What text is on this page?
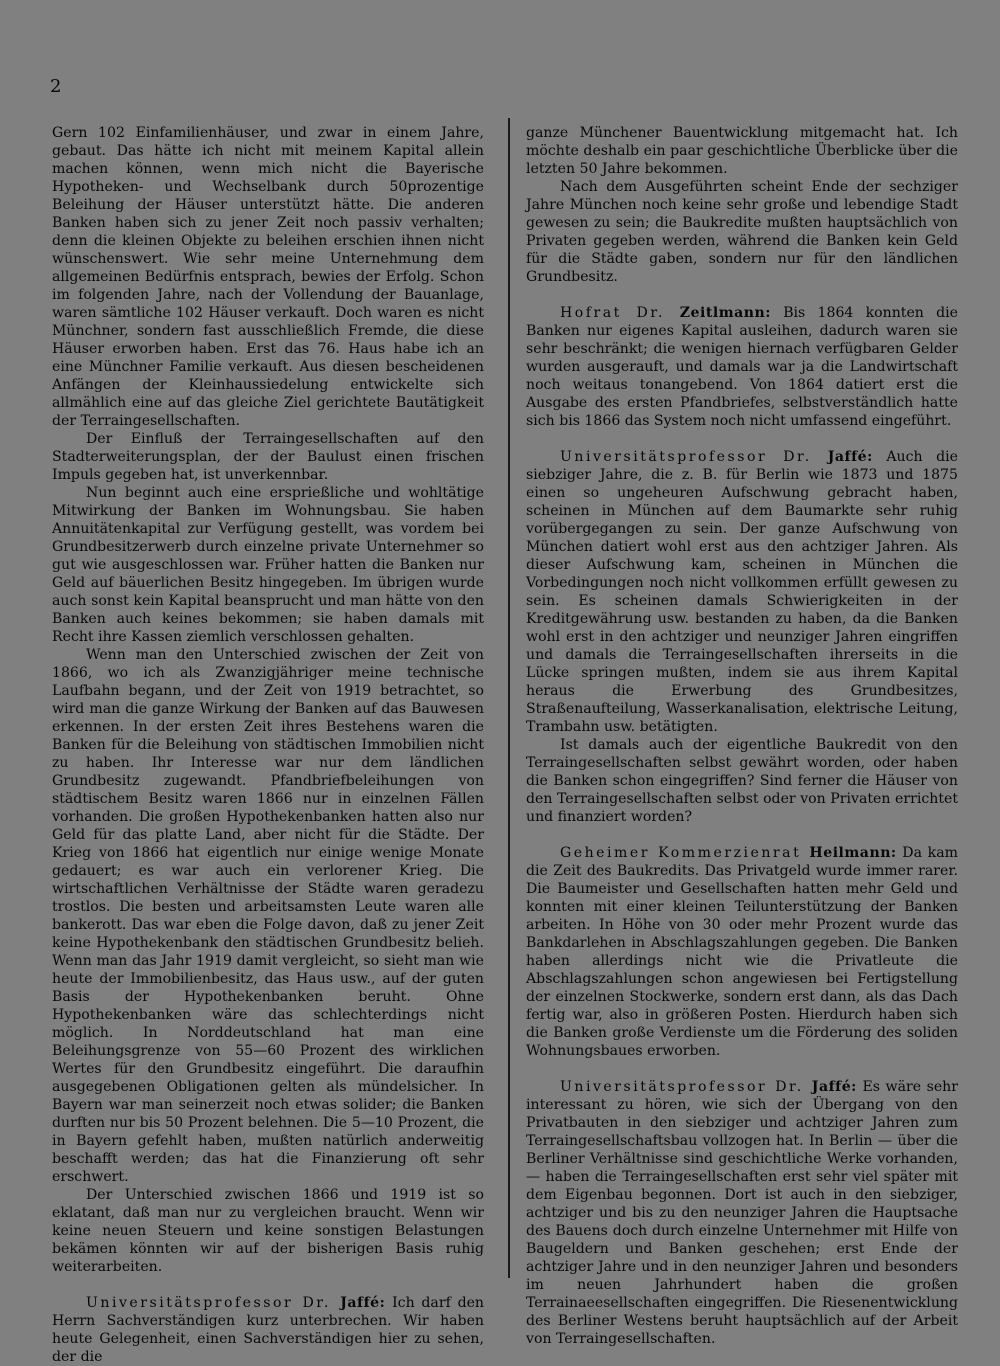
2

Gern 102 Einfamilienhäuser, und zwar in einem Jahre, gebaut. Das hätte ich nicht mit meinem Kapital allein machen können, wenn mich nicht die Bayerische Hypotheken- und Wechselbank durch 50prozentige Beleihung der Häuser unterstützt hätte. Die anderen Banken haben sich zu jener Zeit noch passiv verhalten; denn die kleinen Objekte zu beleihen erschien ihnen nicht wünschenswert. Wie sehr meine Unternehmung dem allgemeinen Bedürfnis entsprach, bewies der Erfolg. Schon im folgenden Jahre, nach der Vollendung der Bauanlage, waren sämtliche 102 Häuser verkauft. Doch waren es nicht Münchner, sondern fast ausschließlich Fremde, die diese Häuser erworben haben. Erst das 76. Haus habe ich an eine Münchner Familie verkauft. Aus diesen bescheidenen Anfängen der Kleinhaussiedelung entwickelte sich allmählich eine auf das gleiche Ziel gerichtete Bautätigkeit der Terraingesellschaften.

Der Einfluß der Terraingesellschaften auf den Stadterweiterungsplan, der der Baulust einen frischen Impuls gegeben hat, ist unverkennbar.

Nun beginnt auch eine ersprießliche und wohltätige Mitwirkung der Banken im Wohnungsbau. Sie haben Annuitätenkapital zur Verfügung gestellt, was vordem bei Grundbesitzerwerb durch einzelne private Unternehmer so gut wie ausgeschlossen war. Früher hatten die Banken nur Geld auf bäuerlichen Besitz hingegeben. Im übrigen wurde auch sonst kein Kapital beansprucht und man hätte von den Banken auch keines bekommen; sie haben damals mit Recht ihre Kassen ziemlich verschlossen gehalten.

Wenn man den Unterschied zwischen der Zeit von 1866, wo ich als Zwanzigjähriger meine technische Laufbahn begann, und der Zeit von 1919 betrachtet, so wird man die ganze Wirkung der Banken auf das Bauwesen erkennen. In der ersten Zeit ihres Bestehens waren die Banken für die Beleihung von städtischen Immobilien nicht zu haben. Ihr Interesse war nur dem ländlichen Grundbesitz zugewandt. Pfandbriefbeleihungen von städtischem Besitz waren 1866 nur in einzelnen Fällen vorhanden. Die großen Hypothekenbanken hatten also nur Geld für das platte Land, aber nicht für die Städte. Der Krieg von 1866 hat eigentlich nur einige wenige Monate gedauert; es war auch ein verlorener Krieg. Die wirtschaftlichen Verhältnisse der Städte waren geradezu trostlos. Die besten und arbeitsamsten Leute waren alle bankerott. Das war eben die Folge davon, daß zu jener Zeit keine Hypothekenbank den städtischen Grundbesitz belieh. Wenn man das Jahr 1919 damit vergleicht, so sieht man wie heute der Immobilienbesitz, das Haus usw., auf der guten Basis der Hypothekenbanken beruht. Ohne Hypothekenbanken wäre das schlechterdings nicht möglich. In Norddeutschland hat man eine Beleihungsgrenze von 55—60 Prozent des wirklichen Wertes für den Grundbesitz eingeführt. Die daraufhin ausgegebenen Obligationen gelten als mündelsicher. In Bayern war man seinerzeit noch etwas solider; die Banken durften nur bis 50 Prozent belehnen. Die 5—10 Prozent, die in Bayern gefehlt haben, mußten natürlich anderweitig beschafft werden; das hat die Finanzierung oft sehr erschwert.

Der Unterschied zwischen 1866 und 1919 ist so eklatant, daß man nur zu vergleichen braucht. Wenn wir keine neuen Steuern und keine sonstigen Belastungen bekämen könnten wir auf der bisherigen Basis ruhig weiterarbeiten.

Universitätsprofessor Dr. Jaffé: Ich darf den Herrn Sachverständigen kurz unterbrechen. Wir haben heute Gelegenheit, einen Sachverständigen hier zu sehen, der die

ganze Münchener Bauentwicklung mitgemacht hat. Ich möchte deshalb ein paar geschichtliche Überblicke über die letzten 50 Jahre bekommen.

Nach dem Ausgeführten scheint Ende der sechziger Jahre München noch keine sehr große und lebendige Stadt gewesen zu sein; die Baukredite mußten hauptsächlich von Privaten gegeben werden, während die Banken kein Geld für die Städte gaben, sondern nur für den ländlichen Grundbesitz.

Hofrat Dr. Zeitlmann: Bis 1864 konnten die Banken nur eigenes Kapital ausleihen, dadurch waren sie sehr beschränkt; die wenigen hiernach verfügbaren Gelder wurden ausgerauft, und damals war ja die Landwirtschaft noch weitaus tonangebend. Von 1864 datiert erst die Ausgabe des ersten Pfandbriefes, selbstverständlich hatte sich bis 1866 das System noch nicht umfassend eingeführt.

Universitätsprofessor Dr. Jaffé: Auch die siebziger Jahre, die z. B. für Berlin wie 1873 und 1875 einen so ungeheuren Aufschwung gebracht haben, scheinen in München auf dem Baumarkte sehr ruhig vorübergegangen zu sein. Der ganze Aufschwung von München datiert wohl erst aus den achtziger Jahren. Als dieser Aufschwung kam, scheinen in München die Vorbedingungen noch nicht vollkommen erfüllt gewesen zu sein. Es scheinen damals Schwierigkeiten in der Kreditgewährung usw. bestanden zu haben, da die Banken wohl erst in den achtziger und neunziger Jahren eingriffen und damals die Terraingesellschaften ihrerseits in die Lücke springen mußten, indem sie aus ihrem Kapital heraus die Erwerbung des Grundbesitzes, Straßenaufteilung, Wasserkanalisation, elektrische Leitung, Trambahn usw. betätigten.

Ist damals auch der eigentliche Baukredit von den Terraingesellschaften selbst gewährt worden, oder haben die Banken schon eingegriffen? Sind ferner die Häuser von den Terraingesellschaften selbst oder von Privaten errichtet und finanziert worden?

Geheimer Kommerzienrat Heilmann: Da kam die Zeit des Baukredits. Das Privatgeld wurde immer rarer. Die Baumeister und Gesellschaften hatten mehr Geld und konnten mit einer kleinen Teilunterstützung der Banken arbeiten. In Höhe von 30 oder mehr Prozent wurde das Bankdarlehen in Abschlagszahlungen gegeben. Die Banken haben allerdings nicht wie die Privatleute die Abschlagszahlungen schon angewiesen bei Fertigstellung der einzelnen Stockwerke, sondern erst dann, als das Dach fertig war, also in größeren Posten. Hierdurch haben sich die Banken große Verdienste um die Förderung des soliden Wohnungsbaues erworben.

Universitätsprofessor Dr. Jaffé: Es wäre sehr interessant zu hören, wie sich der Übergang von den Privatbauten in den siebziger und achtziger Jahren zum Terraingesellschaftsbau vollzogen hat. In Berlin — über die Berliner Verhältnisse sind geschichtliche Werke vorhanden, — haben die Terraingesellschaften erst sehr viel später mit dem Eigenbau begonnen. Dort ist auch in den siebziger, achtziger und bis zu den neunziger Jahren die Hauptsache des Bauens doch durch einzelne Unternehmer mit Hilfe von Baugeldern und Banken geschehen; erst Ende der achtziger Jahre und in den neunziger Jahren und besonders im neuen Jahrhundert haben die großen Terrainaeesellschaften eingegriffen. Die Riesenentwicklung des Berliner Westens beruht hauptsächlich auf der Arbeit von Terraingesellschaften.
